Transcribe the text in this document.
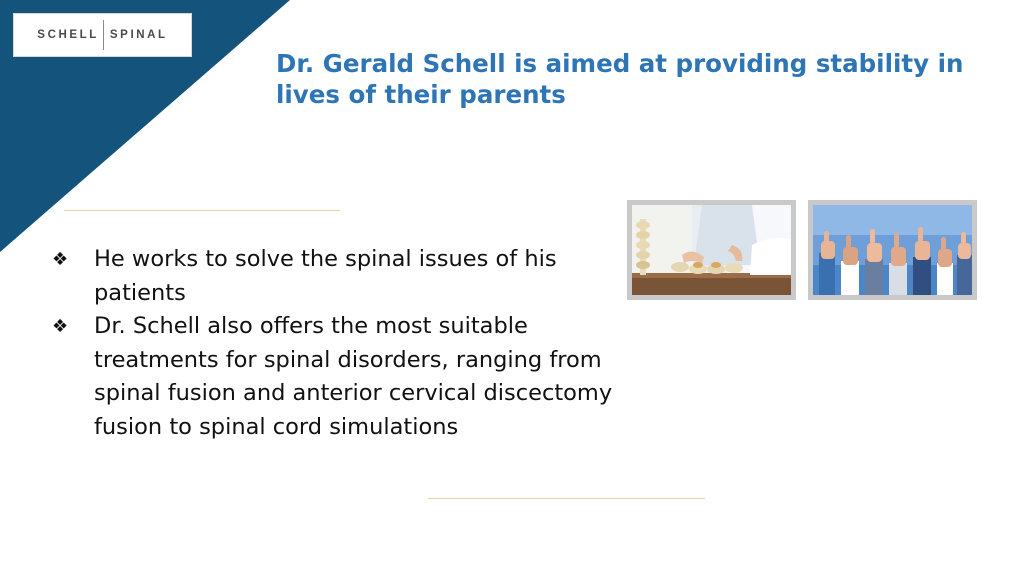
SCHELL SPINAL
Dr. Gerald Schell is aimed at providing stability in lives of their parents
❖	He works to solve the spinal issues of his patients
❖	Dr. Schell also offers the most suitable treatments for spinal disorders, ranging from spinal fusion and anterior cervical discectomy fusion to spinal cord simulations
